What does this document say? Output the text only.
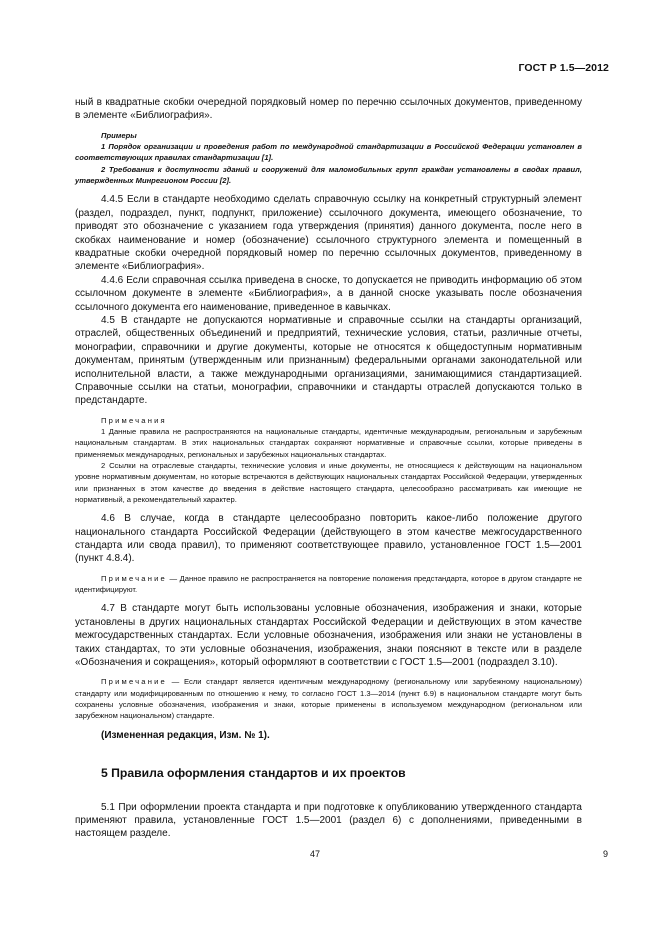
ГОСТ Р 1.5—2012

ный в квадратные скобки очередной порядковый номер по перечню ссылочных документов, приведенному в элементе «Библиография».

Примеры

1 Порядок организации и проведения работ по международной стандартизации в Российской Федерации установлен в соответствующих правилах стандартизации [1].

2 Требования к доступности зданий и сооружений для маломобильных групп граждан установлены в сводах правил, утвержденных Минрегионом России [2].

4.4.5 Если в стандарте необходимо сделать справочную ссылку на конкретный структурный элемент (раздел, подраздел, пункт, подпункт, приложение) ссылочного документа, имеющего обозначение, то приводят это обозначение с указанием года утверждения (принятия) данного документа, после него в скобках наименование и номер (обозначение) ссылочного структурного элемента и помещенный в квадратные скобки очередной порядковый номер по перечню ссылочных документов, приведенному в элементе «Библиография».

4.4.6 Если справочная ссылка приведена в сноске, то допускается не приводить информацию об этом ссылочном документе в элементе «Библиография», а в данной сноске указывать после обозначения ссылочного документа его наименование, приведенное в кавычках.

4.5 В стандарте не допускаются нормативные и справочные ссылки на стандарты организаций, отраслей, общественных объединений и предприятий, технические условия, статьи, различные отчеты, монографии, справочники и другие документы, которые не относятся к общедоступным нормативным документам, принятым (утвержденным или признанным) федеральными органами законодательной или исполнительной власти, а также международными организациями, занимающимися стандартизацией. Справочные ссылки на статьи, монографии, справочники и стандарты отраслей допускаются только в предстандарте.

Примечания

1 Данные правила не распространяются на национальные стандарты, идентичные международным, региональным и зарубежным национальным стандартам. В этих национальных стандартах сохраняют нормативные и справочные ссылки, которые приведены в применяемых международных, региональных и зарубежных национальных стандартах.

2 Ссылки на отраслевые стандарты, технические условия и иные документы, не относящиеся к действующим на национальном уровне нормативным документам, но которые встречаются в действующих национальных стандартах Российской Федерации, утвержденных или признанных в этом качестве до введения в действие настоящего стандарта, целесообразно рассматривать как имеющие не нормативный, а рекомендательный характер.

4.6 В случае, когда в стандарте целесообразно повторить какое-либо положение другого национального стандарта Российской Федерации (действующего в этом качестве межгосударственного стандарта или свода правил), то применяют соответствующее правило, установленное ГОСТ 1.5—2001 (пункт 4.8.4).

Примечание — Данное правило не распространяется на повторение положения предстандарта, которое в другом стандарте не идентифицируют.

4.7 В стандарте могут быть использованы условные обозначения, изображения и знаки, которые установлены в других национальных стандартах Российской Федерации и действующих в этом качестве межгосударственных стандартах. Если условные обозначения, изображения или знаки не установлены в таких стандартах, то эти условные обозначения, изображения, знаки поясняют в тексте или в разделе «Обозначения и сокращения», который оформляют в соответствии с ГОСТ 1.5—2001 (подраздел 3.10).

Примечание — Если стандарт является идентичным международному (региональному или зарубежному национальному) стандарту или модифицированным по отношению к нему, то согласно ГОСТ 1.3—2014 (пункт 6.9) в национальном стандарте могут быть сохранены условные обозначения, изображения и знаки, которые применены в используемом международном (региональном или зарубежном национальном) стандарте.

(Измененная редакция, Изм. № 1).

5 Правила оформления стандартов и их проектов

5.1 При оформлении проекта стандарта и при подготовке к опубликованию утвержденного стандарта применяют правила, установленные ГОСТ 1.5—2001 (раздел 6) с дополнениями, приведенными в настоящем разделе.

47	9
